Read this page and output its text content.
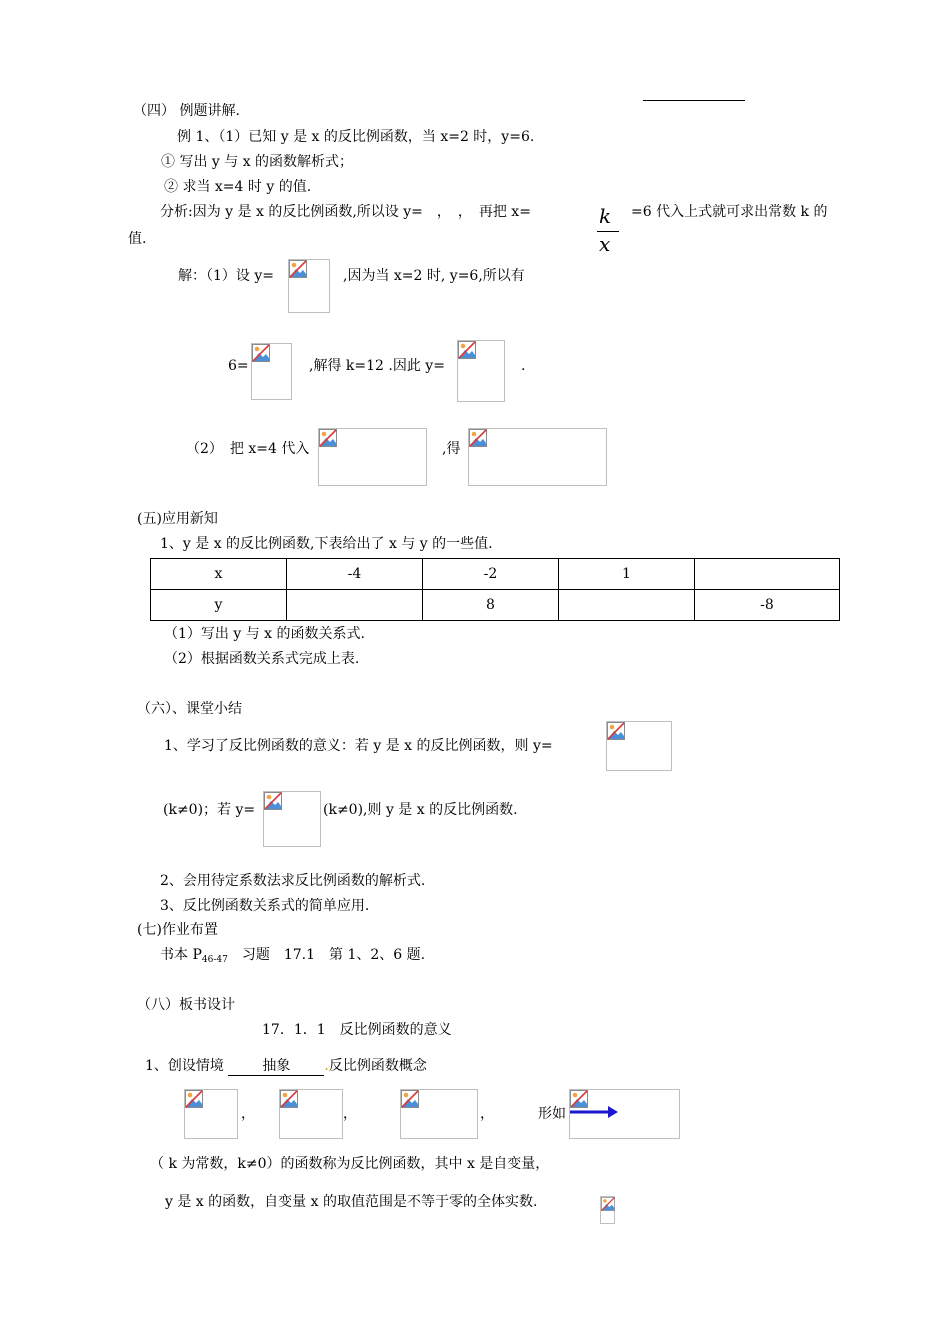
（四） 例题讲解.
例 1、（1）已知 y 是 x 的反比例函数，当 x=2 时，y=6.
① 写出 y 与 x 的函数解析式；
② 求当 x=4 时 y 的值.
分析:因为 y 是 x 的反比例函数,所以设 y=　，　，　再把 x=	k
x
=6 代入上式就可求出常数 k 的
值.
解：（1）设 y=	,因为当 x=2 时, y=6,所以有
6=	,解得 k=12 .因此 y=	.
（2）　把 x=4 代入	,得
(五)应用新知
1、y 是 x 的反比例函数,下表给出了 x 与 y 的一些值.
x	-4	-2	1	
y		8		-8
（1）写出 y 与 x 的函数关系式.
（2）根据函数关系式完成上表.
（六）、课堂小结
1、学习了反比例函数的意义：若 y 是 x 的反比例函数，则 y=
(k≠0)；若 y=	(k≠0),则 y 是 x 的反比例函数.
2、会用待定系数法求反比例函数的解析式.
3、反比例函数关系式的简单应用.
(七)作业布置
书本 $P_{46-47}$　习题　17.1　第 1、2、6 题.
（八）板书设计
17．1．1　反比例函数的意义
1、创设情境	抽象 .反比例函数概念
，	，	，	形如
（ k 为常数，k≠0）的函数称为反比例函数，其中 x 是自变量，
y 是 x 的函数，自变量 x 的取值范围是不等于零的全体实数.
